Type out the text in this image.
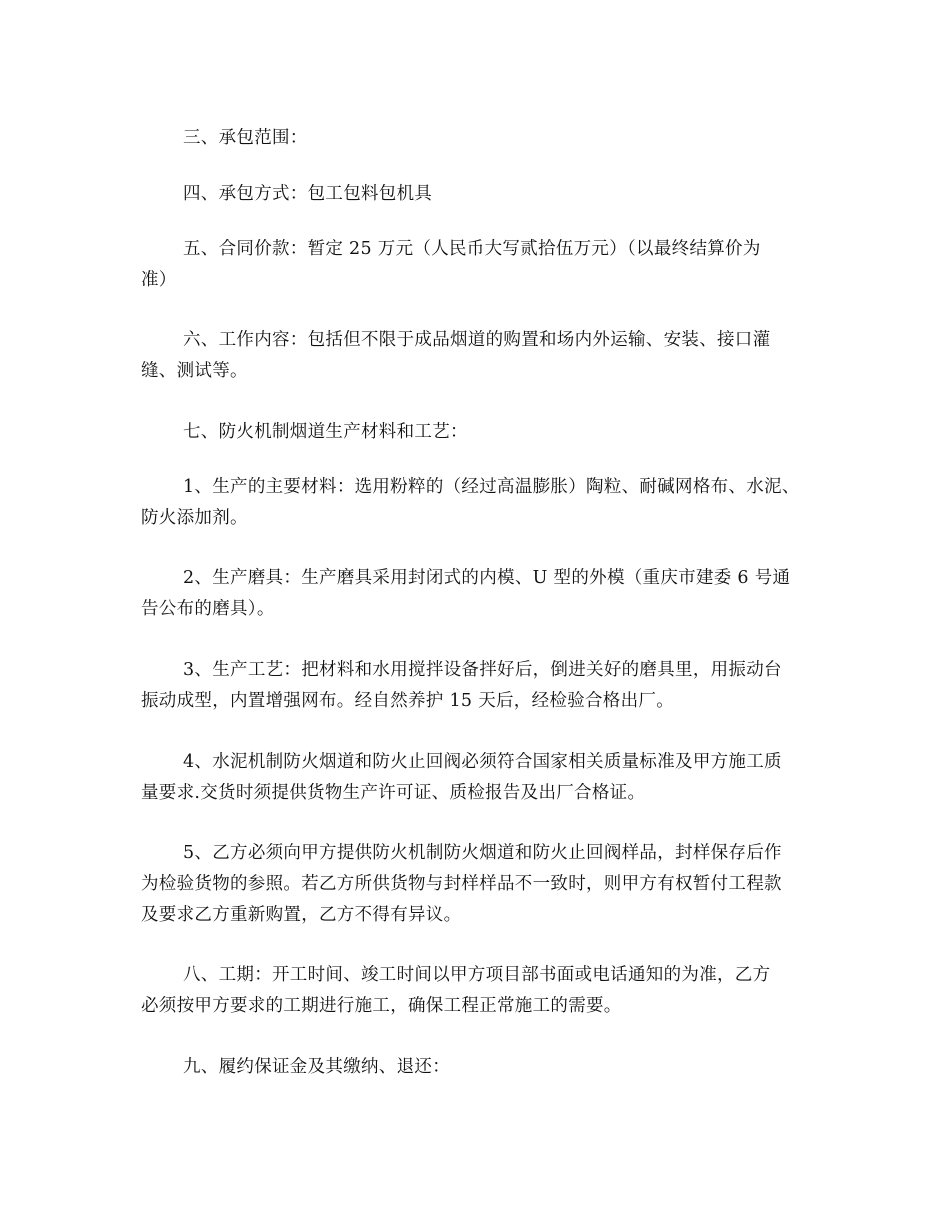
三、承包范围：
四、承包方式：包工包料包机具
五、合同价款：暂定 25 万元（人民币大写贰拾伍万元）（以最终结算价为
准）
六、工作内容：包括但不限于成品烟道的购置和场内外运输、安装、接口灌
缝、测试等。
七、防火机制烟道生产材料和工艺：
1、生产的主要材料：选用粉粹的（经过高温膨胀）陶粒、耐碱网格布、水泥、
防火添加剂。
2、生产磨具：生产磨具采用封闭式的内模、U 型的外模（重庆市建委 6 号通
告公布的磨具）。
3、生产工艺：把材料和水用搅拌设备拌好后，倒进关好的磨具里，用振动台
振动成型，内置增强网布。经自然养护 15 天后，经检验合格出厂。
4、水泥机制防火烟道和防火止回阀必须符合国家相关质量标准及甲方施工质
量要求.交货时须提供货物生产许可证、质检报告及出厂合格证。
5、乙方必须向甲方提供防火机制防火烟道和防火止回阀样品，封样保存后作
为检验货物的参照。若乙方所供货物与封样样品不一致时，则甲方有权暂付工程款
及要求乙方重新购置，乙方不得有异议。
八、工期：开工时间、竣工时间以甲方项目部书面或电话通知的为准，乙方
必须按甲方要求的工期进行施工，确保工程正常施工的需要。
九、履约保证金及其缴纳、退还：
